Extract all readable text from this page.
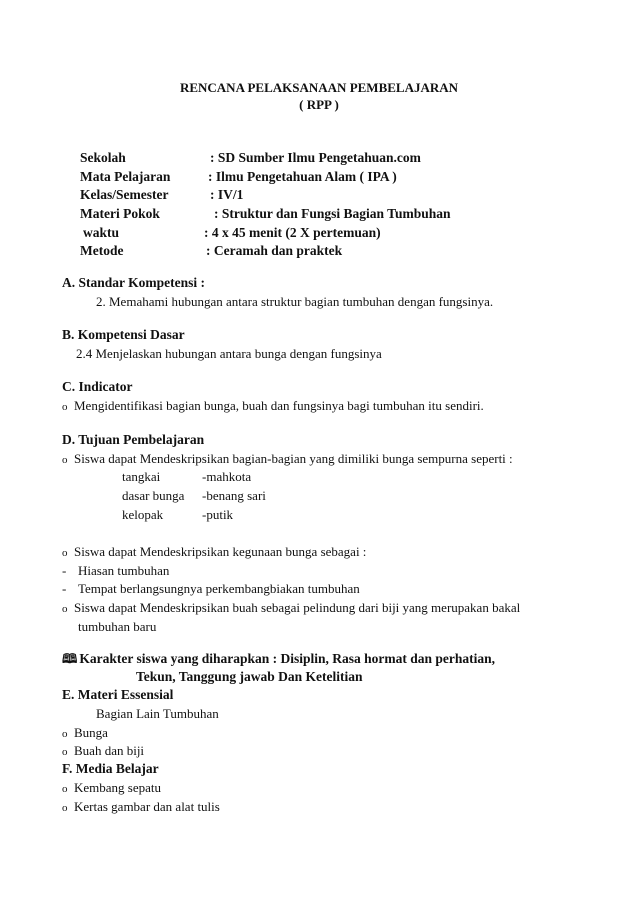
RENCANA PELAKSANAAN PEMBELAJARAN
( RPP )
Sekolah	: SD Sumber Ilmu Pengetahuan.com
Mata Pelajaran	: Ilmu Pengetahuan Alam ( IPA )
Kelas/Semester	: IV/1
Materi Pokok	: Struktur dan Fungsi Bagian Tumbuhan
waktu	: 4 x 45 menit (2 X pertemuan)
Metode	: Ceramah dan praktek
A. Standar Kompetensi :
2. Memahami hubungan antara struktur bagian tumbuhan dengan fungsinya.
B. Kompetensi Dasar
2.4 Menjelaskan hubungan antara bunga dengan fungsinya
C. Indicator
o Mengidentifikasi bagian bunga, buah dan fungsinya bagi tumbuhan itu sendiri.
D. Tujuan Pembelajaran
o Siswa dapat Mendeskripsikan bagian-bagian yang dimiliki bunga sempurna seperti :
tangkai	-mahkota
dasar bunga -benang sari
kelopak	-putik
o Siswa dapat Mendeskripsikan kegunaan bunga sebagai :
- Hiasan tumbuhan
- Tempat berlangsungnya perkembangbiakan tumbuhan
o Siswa dapat Mendeskripsikan buah sebagai pelindung dari biji yang merupakan bakal
tumbuhan baru
🕮 Karakter siswa yang diharapkan : Disiplin, Rasa hormat dan perhatian,
Tekun, Tanggung jawab Dan Ketelitian
E. Materi Essensial
Bagian Lain Tumbuhan
o Bunga
o Buah dan biji
F. Media Belajar
o Kembang sepatu
o Kertas gambar dan alat tulis
